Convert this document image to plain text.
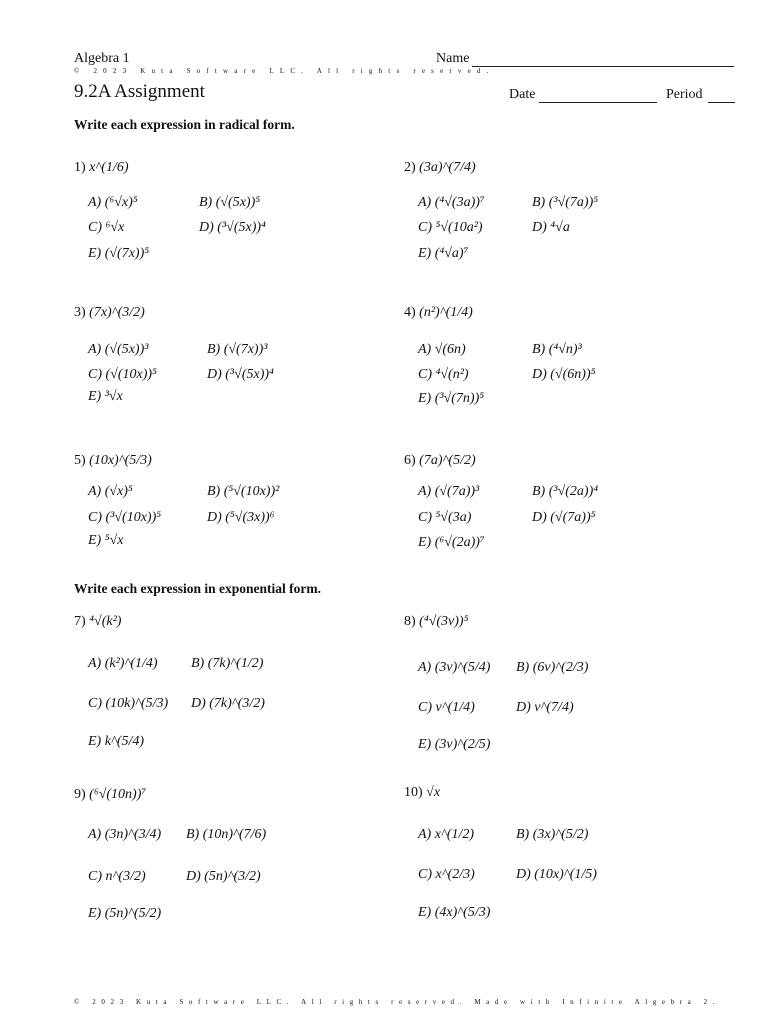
Algebra 1	Name
© 2023 Kuta Software LLC. All rights reserved.
9.2A Assignment	Date	Period
Write each expression in radical form.
Write each expression in exponential form.
1) x^(1/6)
A) (⁶√x)⁵	B) (√(5x))⁵
C) ⁶√x	D) (³√(5x))⁴
E) (√(7x))⁵
2) (3a)^(7/4)
A) (⁴√(3a))⁷	B) (³√(7a))⁵
C) ⁵√(10a²)	D) ⁴√a
E) (⁴√a)⁷
3) (7x)^(3/2)
A) (√(5x))³	B) (√(7x))³
C) (√(10x))⁵	D) (³√(5x))⁴
E) ³√x
4) (n²)^(1/4)
A) √(6n)	B) (⁴√n)³
C) ⁴√(n²)	D) (√(6n))⁵
E) (³√(7n))⁵
5) (10x)^(5/3)
A) (√x)⁵	B) (⁵√(10x))²
C) (³√(10x))⁵	D) (⁵√(3x))⁶
E) ⁵√x
6) (7a)^(5/2)
A) (√(7a))³	B) (³√(2a))⁴
C) ⁵√(3a)	D) (√(7a))⁵
E) (⁶√(2a))⁷
7) ⁴√(k²)
A) (k²)^(1/4) B) (7k)^(1/2)
C) (10k)^(5/3) D) (7k)^(3/2)
E) k^(5/4)
8) (⁴√(3v))⁵
A) (3v)^(5/4) B) (6v)^(2/3)
C) v^(1/4)	D) v^(7/4)
E) (3v)^(2/5)
9) (⁶√(10n))⁷
A) (3n)^(3/4) B) (10n)^(7/6)
C) n^(3/2)	D) (5n)^(3/2)
E) (5n)^(5/2)
10) √x
A) x^(1/2)	B) (3x)^(5/2)
C) x^(2/3)	D) (10x)^(1/5)
E) (4x)^(5/3)
© 2023 Kuta Software LLC. All rights reserved. Made with Infinite Algebra 2.
